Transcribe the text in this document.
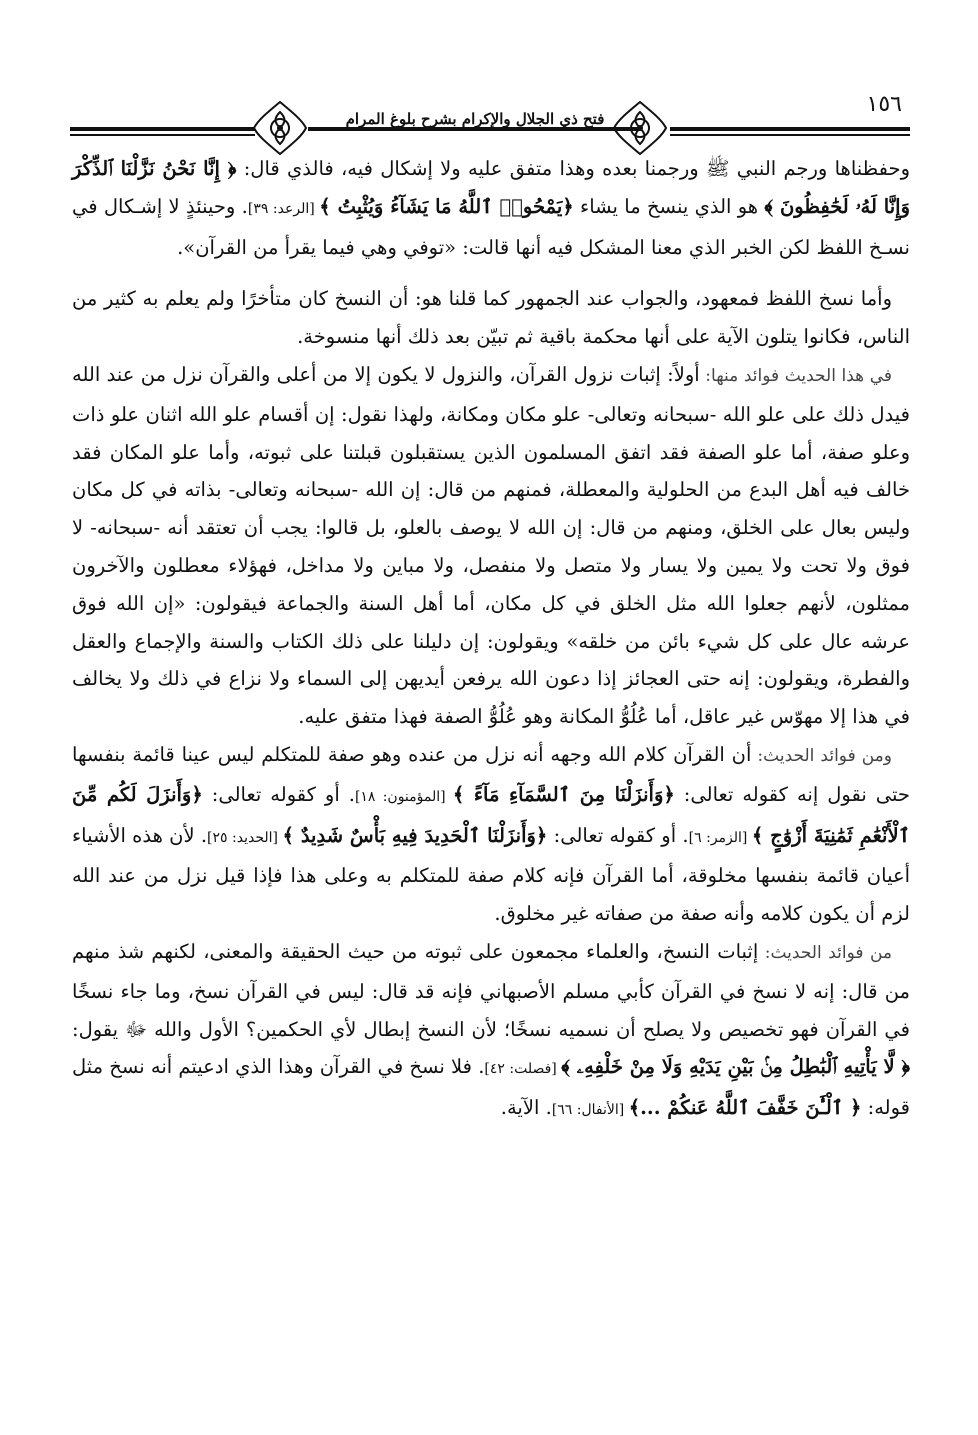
فتح ذي الجلال والإكرام بشرح بلوغ المرام
١٥٦

وحفظناها ورجم النبي ﷺ ورجمنا بعده وهذا متفق عليه ولا إشكال فيه، فالذي قال: ﴿ إِنَّا نَحْنُ نَزَّلْنَا ٱلذِّكْرَ وَإِنَّا لَهُۥ لَحَٰفِظُونَ ﴾ هو الذي ينسخ ما يشاء ﴿يَمْحُوا۟ ٱللَّهُ مَا يَشَآءُ وَيُثْبِتُ ﴾ [الرعد: ٣٩]. وحينئذٍ لا إشـكال في نسـخ اللفظ لكن الخبر الذي معنا المشكل فيه أنها قالت: «توفي وهي فيما يقرأ من القرآن».

وأما نسخ اللفظ فمعهود، والجواب عند الجمهور كما قلنا هو: أن النسخ كان متأخرًا ولم يعلم به كثير من الناس، فكانوا يتلون الآية على أنها محكمة باقية ثم تبيّن بعد ذلك أنها منسوخة.

في هذا الحديث فوائد منها: أولاً: إثبات نزول القرآن، والنزول لا يكون إلا من أعلى والقرآن نزل من عند الله فيدل ذلك على علو الله -سبحانه وتعالى- علو مكان ومكانة، ولهذا نقول: إن أقسام علو الله اثنان علو ذات وعلو صفة، أما علو الصفة فقد اتفق المسلمون الذين يستقبلون قبلتنا على ثبوته، وأما علو المكان فقد خالف فيه أهل البدع من الحلولية والمعطلة، فمنهم من قال: إن الله -سبحانه وتعالى- بذاته في كل مكان وليس بعال على الخلق، ومنهم من قال: إن الله لا يوصف بالعلو، بل قالوا: يجب أن تعتقد أنه -سبحانه- لا فوق ولا تحت ولا يمين ولا يسار ولا متصل ولا منفصل، ولا مباين ولا مداخل، فهؤلاء معطلون والآخرون ممثلون، لأنهم جعلوا الله مثل الخلق في كل مكان، أما أهل السنة والجماعة فيقولون: «إن الله فوق عرشه عال على كل شيء بائن من خلقه» ويقولون: إن دليلنا على ذلك الكتاب والسنة والإجماع والعقل والفطرة، ويقولون: إنه حتى العجائز إذا دعون الله يرفعن أيديهن إلى السماء ولا نزاع في ذلك ولا يخالف في هذا إلا مهوّس غير عاقل، أما عُلُوُّ المكانة وهو عُلُوُّ الصفة فهذا متفق عليه.

ومن فوائد الحديث: أن القرآن كلام الله وجهه أنه نزل من عنده وهو صفة للمتكلم ليس عينا قائمة بنفسها حتى نقول إنه كقوله تعالى: ﴿وَأَنزَلْنَا مِنَ ٱلسَّمَآءِ مَآءً ﴾ [المؤمنون: ١٨]. أو كقوله تعالى: ﴿وَأَنزَلَ لَكُم مِّنَ ٱلْأَنْعَٰمِ ثَمَٰنِيَةَ أَزْوَٰجٍ ﴾ [الزمر: ٦]. أو كقوله تعالى: ﴿وَأَنزَلْنَا ٱلْحَدِيدَ فِيهِ بَأْسٌ شَدِيدٌ ﴾ [الحديد: ٢٥]. لأن هذه الأشياء أعيان قائمة بنفسها مخلوقة، أما القرآن فإنه كلام صفة للمتكلم به وعلى هذا فإذا قيل نزل من عند الله لزم أن يكون كلامه وأنه صفة من صفاته غير مخلوق.

من فوائد الحديث: إثبات النسخ، والعلماء مجمعون على ثبوته من حيث الحقيقة والمعنى، لكنهم شذ منهم من قال: إنه لا نسخ في القرآن كأبي مسلم الأصبهاني فإنه قد قال: ليس في القرآن نسخ، وما جاء نسخًا في القرآن فهو تخصيص ولا يصلح أن نسميه نسخًا؛ لأن النسخ إبطال لأي الحكمين؟ الأول والله ﷻ يقول: ﴿ لَّا يَأْتِيهِ ٱلْبَٰطِلُ مِنۢ بَيْنِ يَدَيْهِ وَلَا مِنْ خَلْفِهِۦ ﴾ [فصلت: ٤٢]. فلا نسخ في القرآن وهذا الذي ادعيتم أنه نسخ مثل قوله: ﴿ ٱلْـَٰٔنَ خَفَّفَ ٱللَّهُ عَنكُمْ ...﴾ [الأنفال: ٦٦]. الآية.
